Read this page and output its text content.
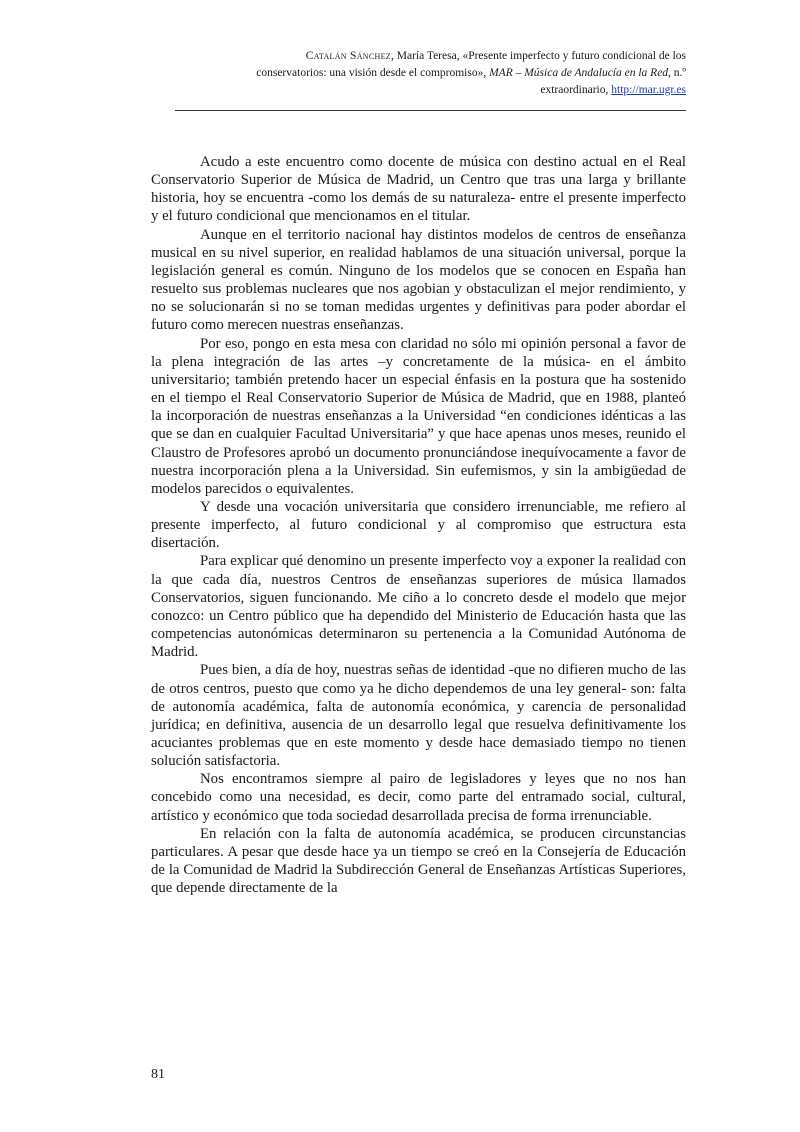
Catalán Sánchez, María Teresa, «Presente imperfecto y futuro condicional de los
conservatorios: una visión desde el compromiso», MAR – Música de Andalucía en la Red, n.º
extraordinario, http://mar.ugr.es

Acudo a este encuentro como docente de música con destino actual en el Real Conservatorio Superior de Música de Madrid, un Centro que tras una larga y brillante historia, hoy se encuentra -como los demás de su naturaleza- entre el presente imperfecto y el futuro condicional que mencionamos en el titular.

Aunque en el territorio nacional hay distintos modelos de centros de enseñanza musical en su nivel superior, en realidad hablamos de una situación universal, porque la legislación general es común. Ninguno de los modelos que se conocen en España han resuelto sus problemas nucleares que nos agobian y obstaculizan el mejor rendimiento, y no se solucionarán si no se toman medidas urgentes y definitivas para poder abordar el futuro como merecen nuestras enseñanzas.

Por eso, pongo en esta mesa con claridad no sólo mi opinión personal a favor de la plena integración de las artes –y concretamente de la música- en el ámbito universitario; también pretendo hacer un especial énfasis en la postura que ha sostenido en el tiempo el Real Conservatorio Superior de Música de Madrid, que en 1988, planteó la incorporación de nuestras enseñanzas a la Universidad “en condiciones idénticas a las que se dan en cualquier Facultad Universitaria” y que hace apenas unos meses, reunido el Claustro de Profesores aprobó un documento pronunciándose inequívocamente a favor de nuestra incorporación plena a la Universidad. Sin eufemismos, y sin la ambigüedad de modelos parecidos o equivalentes.

Y desde una vocación universitaria que considero irrenunciable, me refiero al presente imperfecto, al futuro condicional y al compromiso que estructura esta disertación.

Para explicar qué denomino un presente imperfecto voy a exponer la realidad con la que cada día, nuestros Centros de enseñanzas superiores de música llamados Conservatorios, siguen funcionando. Me ciño a lo concreto desde el modelo que mejor conozco: un Centro público que ha dependido del Ministerio de Educación hasta que las competencias autonómicas determinaron su pertenencia a la Comunidad Autónoma de Madrid.

Pues bien, a día de hoy, nuestras señas de identidad -que no difieren mucho de las de otros centros, puesto que como ya he dicho dependemos de una ley general- son: falta de autonomía académica, falta de autonomía económica, y carencia de personalidad jurídica; en definitiva, ausencia de un desarrollo legal que resuelva definitivamente los acuciantes problemas que en este momento y desde hace demasiado tiempo no tienen solución satisfactoria.

Nos encontramos siempre al pairo de legisladores y leyes que no nos han concebido como una necesidad, es decir, como parte del entramado social, cultural, artístico y económico que toda sociedad desarrollada precisa de forma irrenunciable.

En relación con la falta de autonomía académica, se producen circunstancias particulares. A pesar que desde hace ya un tiempo se creó en la Consejería de Educación de la Comunidad de Madrid la Subdirección General de Enseñanzas Artísticas Superiores, que depende directamente de la

81
